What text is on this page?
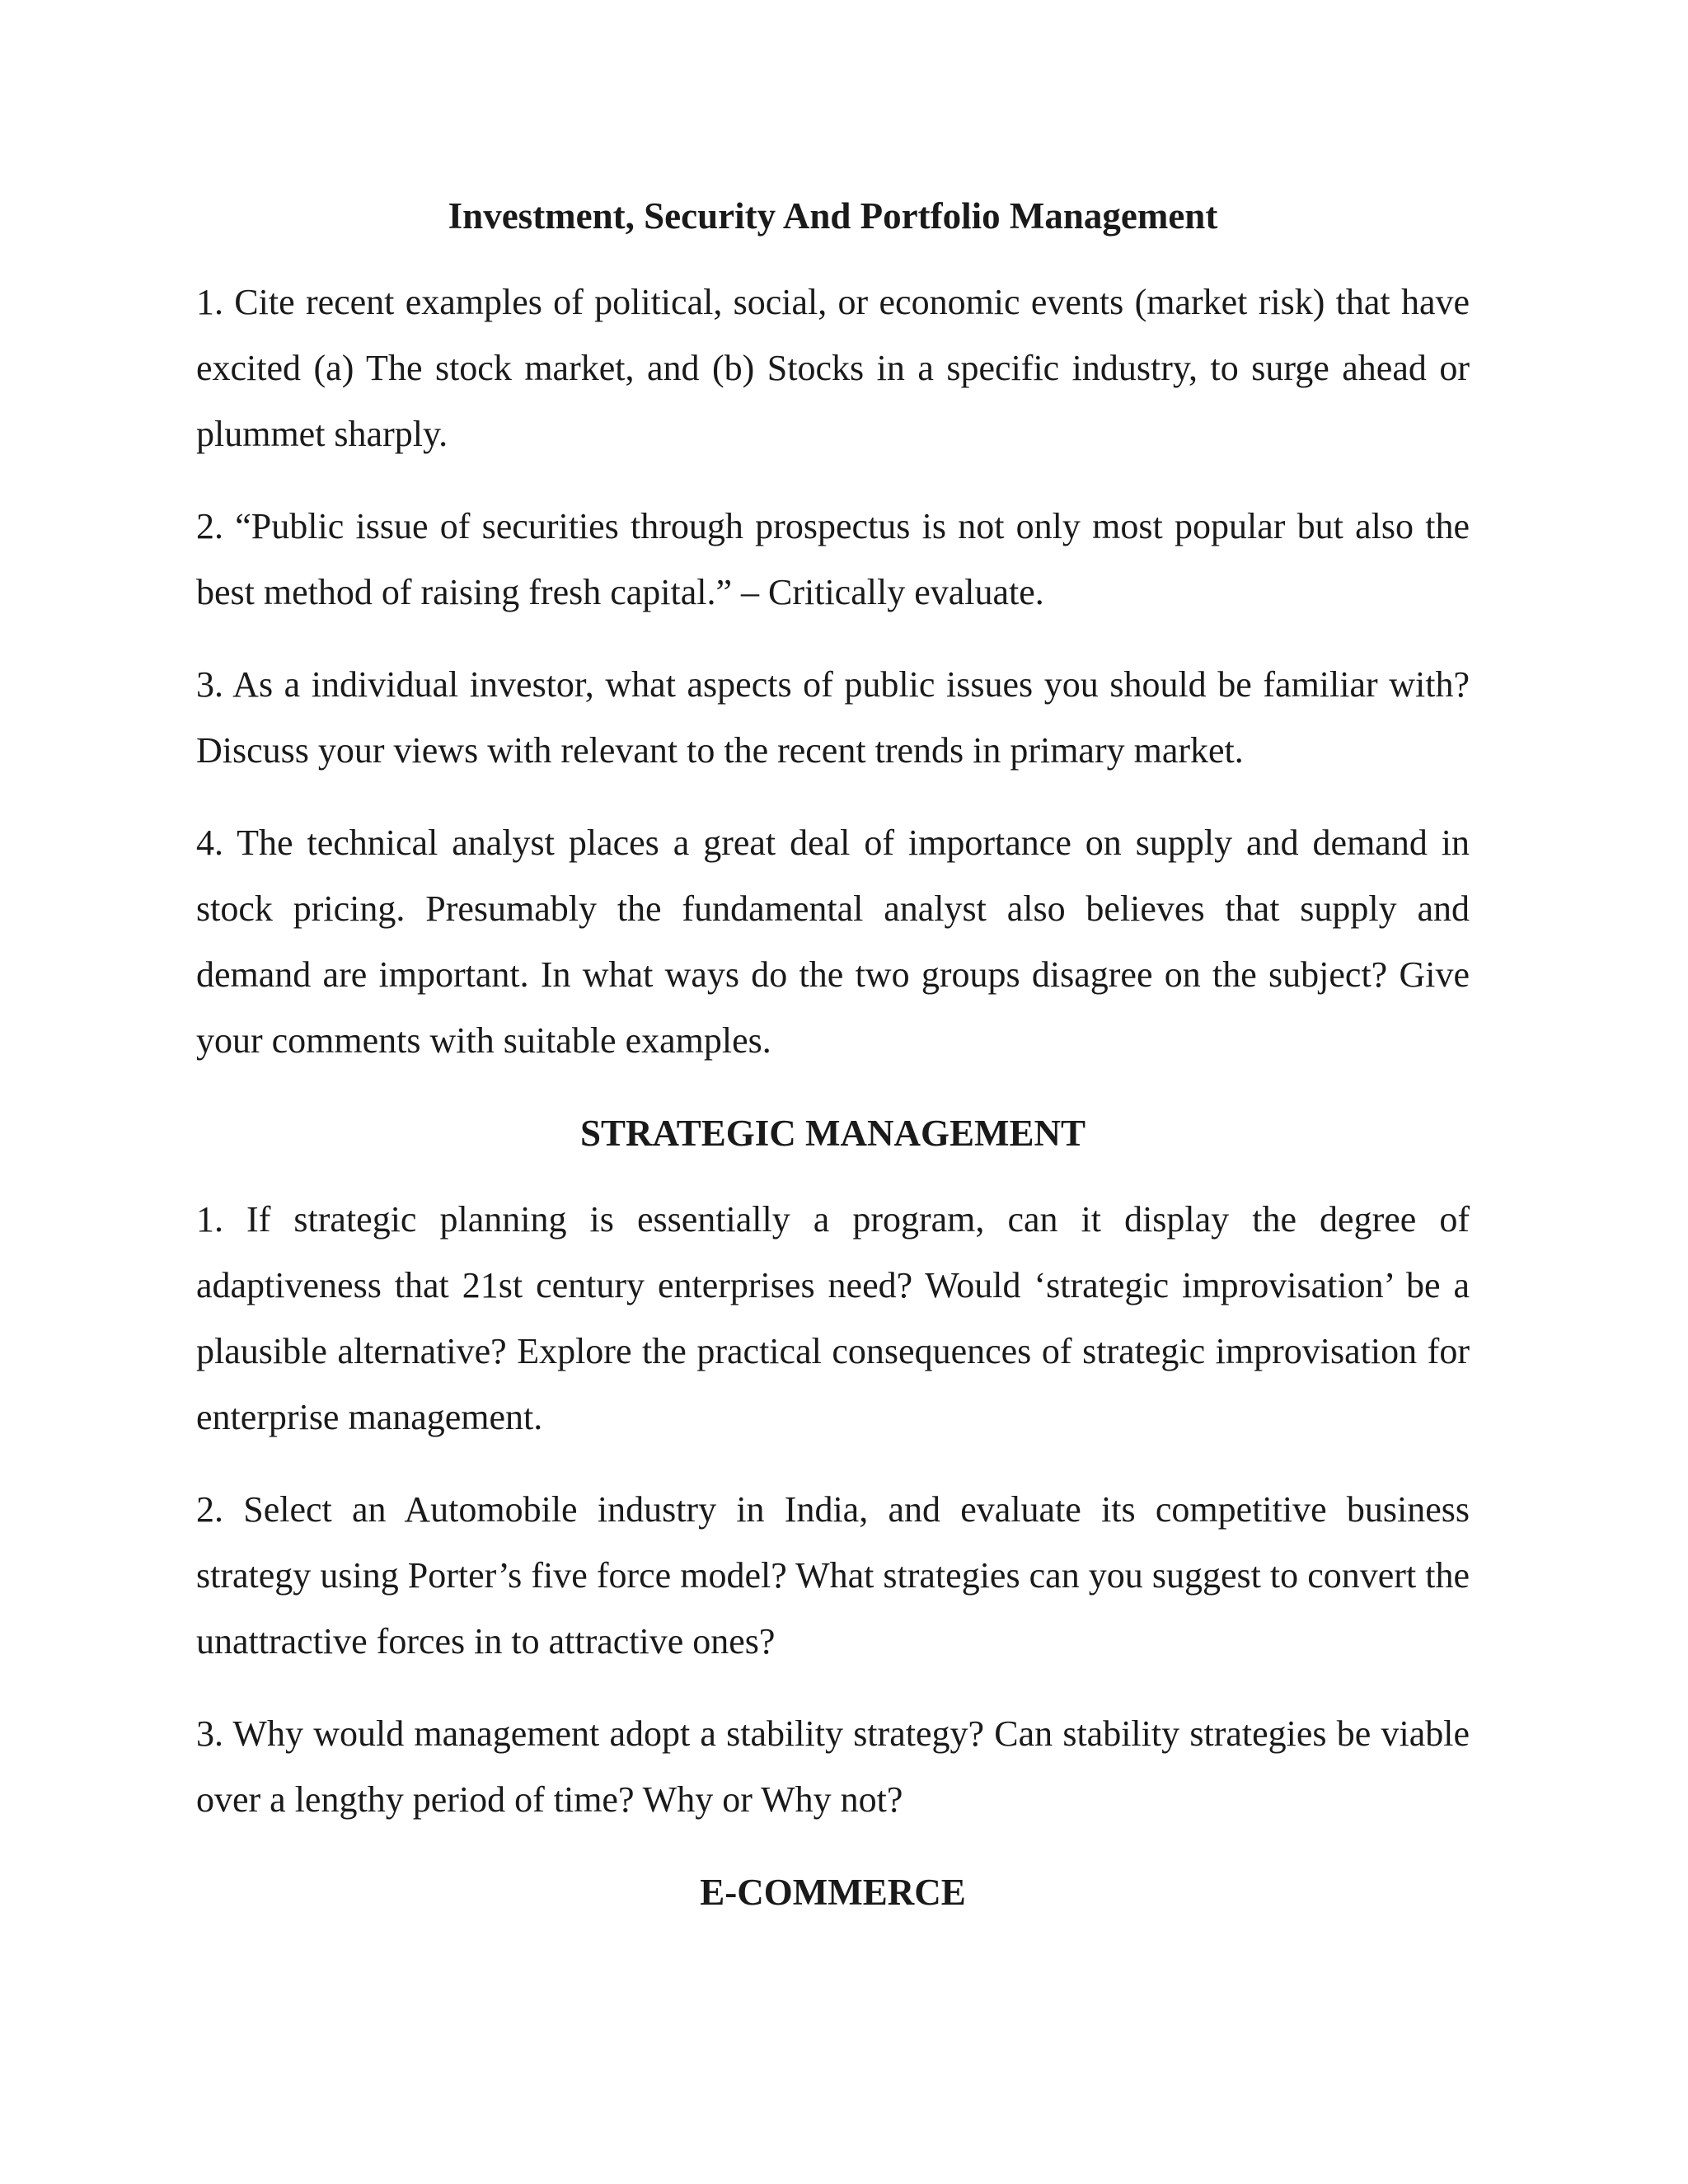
Investment, Security And Portfolio Management

1. Cite recent examples of political, social, or economic events (market risk) that have excited (a) The stock market, and (b) Stocks in a specific industry, to surge ahead or plummet sharply.

2. “Public issue of securities through prospectus is not only most popular but also the best method of raising fresh capital.” – Critically evaluate.

3. As a individual investor, what aspects of public issues you should be familiar with? Discuss your views with relevant to the recent trends in primary market.

4. The technical analyst places a great deal of importance on supply and demand in stock pricing. Presumably the fundamental analyst also believes that supply and demand are important. In what ways do the two groups disagree on the subject? Give your comments with suitable examples.

STRATEGIC MANAGEMENT

1. If strategic planning is essentially a program, can it display the degree of adaptiveness that 21st century enterprises need? Would ‘strategic improvisation’ be a plausible alternative? Explore the practical consequences of strategic improvisation for enterprise management.

2. Select an Automobile industry in India, and evaluate its competitive business strategy using Porter’s five force model? What strategies can you suggest to convert the unattractive forces in to attractive ones?

3. Why would management adopt a stability strategy? Can stability strategies be viable over a lengthy period of time? Why or Why not?

E-COMMERCE
